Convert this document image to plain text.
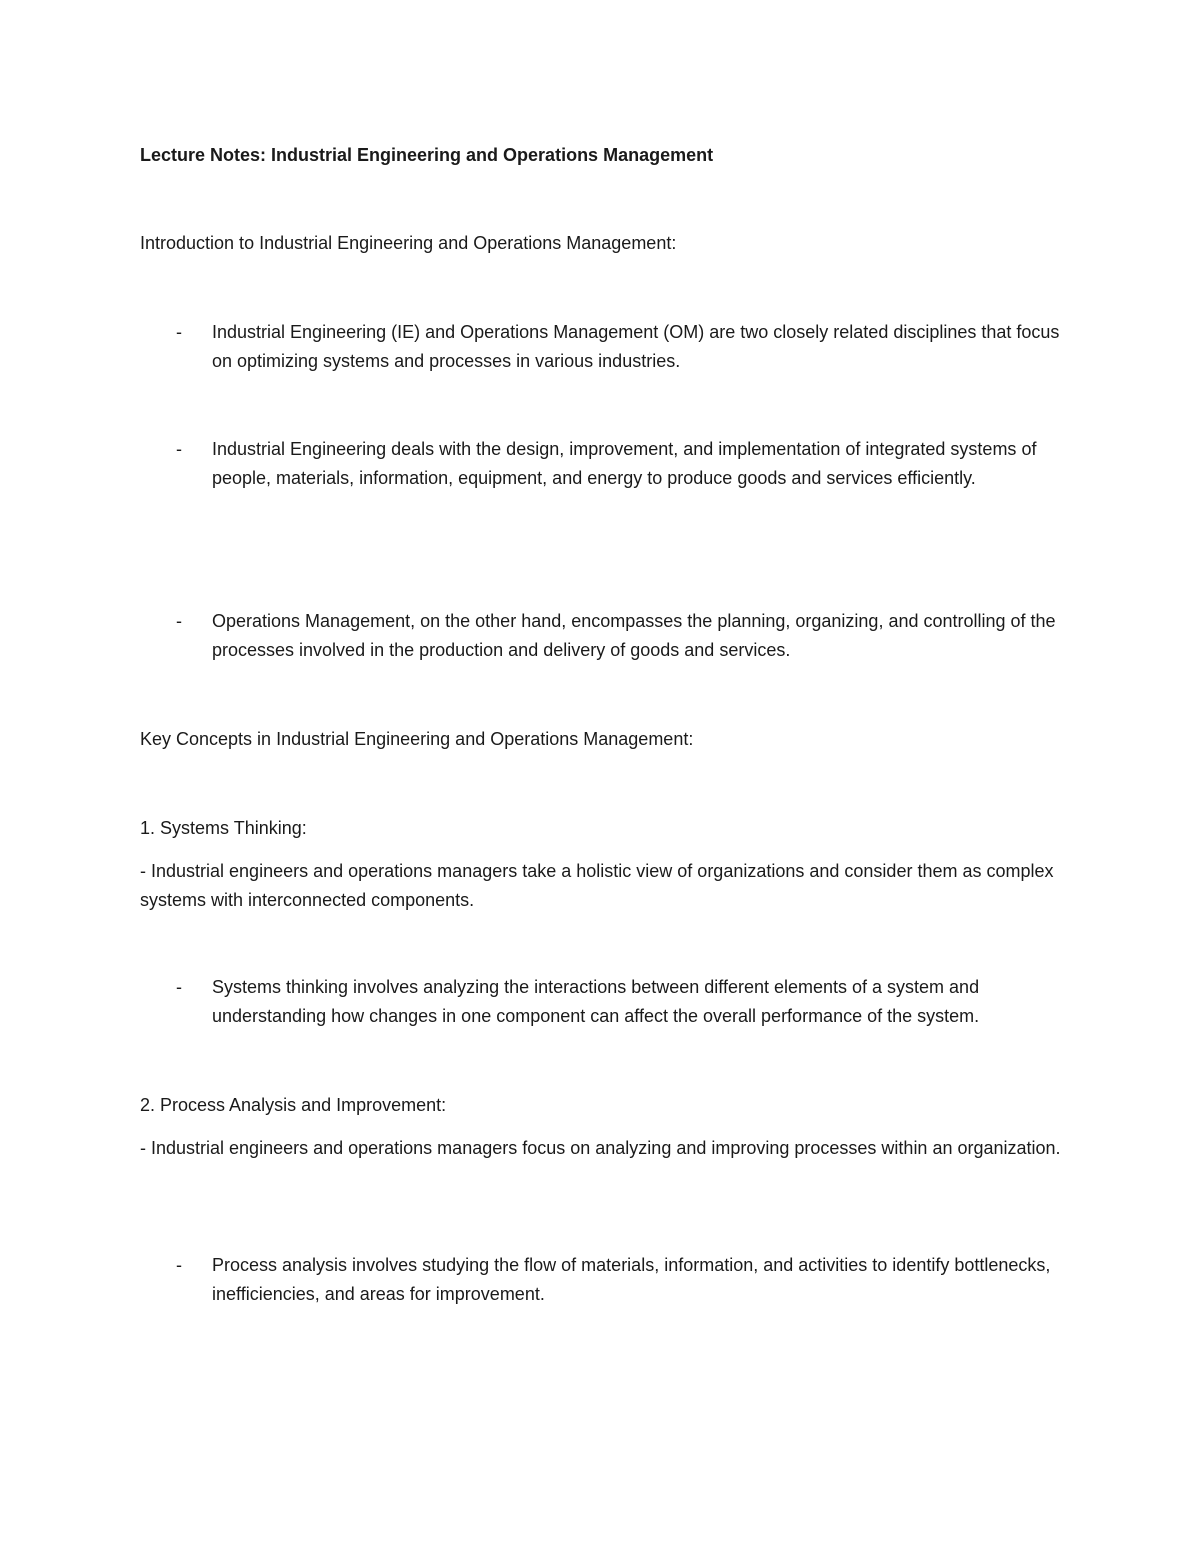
Lecture Notes: Industrial Engineering and Operations Management
Introduction to Industrial Engineering and Operations Management:
- Industrial Engineering (IE) and Operations Management (OM) are two closely related disciplines that focus on optimizing systems and processes in various industries.
- Industrial Engineering deals with the design, improvement, and implementation of integrated systems of people, materials, information, equipment, and energy to produce goods and services efficiently.
- Operations Management, on the other hand, encompasses the planning, organizing, and controlling of the processes involved in the production and delivery of goods and services.
Key Concepts in Industrial Engineering and Operations Management:
1. Systems Thinking:
- Industrial engineers and operations managers take a holistic view of organizations and consider them as complex systems with interconnected components.
- Systems thinking involves analyzing the interactions between different elements of a system and understanding how changes in one component can affect the overall performance of the system.
2. Process Analysis and Improvement:
- Industrial engineers and operations managers focus on analyzing and improving processes within an organization.
- Process analysis involves studying the flow of materials, information, and activities to identify bottlenecks, inefficiencies, and areas for improvement.
